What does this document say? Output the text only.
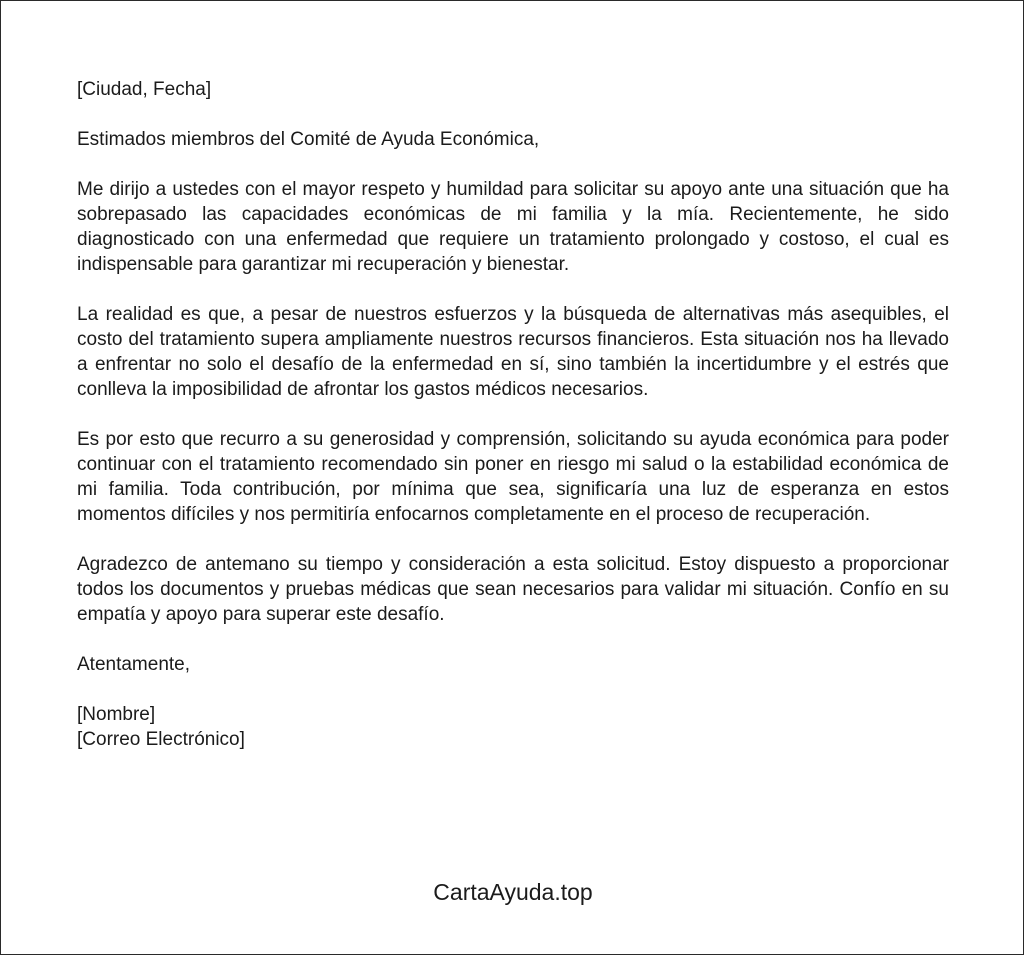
[Ciudad, Fecha]

Estimados miembros del Comité de Ayuda Económica,

Me dirijo a ustedes con el mayor respeto y humildad para solicitar su apoyo ante una situación que ha sobrepasado las capacidades económicas de mi familia y la mía. Recientemente, he sido diagnosticado con una enfermedad que requiere un tratamiento prolongado y costoso, el cual es indispensable para garantizar mi recuperación y bienestar.

La realidad es que, a pesar de nuestros esfuerzos y la búsqueda de alternativas más asequibles, el costo del tratamiento supera ampliamente nuestros recursos financieros. Esta situación nos ha llevado a enfrentar no solo el desafío de la enfermedad en sí, sino también la incertidumbre y el estrés que conlleva la imposibilidad de afrontar los gastos médicos necesarios.

Es por esto que recurro a su generosidad y comprensión, solicitando su ayuda económica para poder continuar con el tratamiento recomendado sin poner en riesgo mi salud o la estabilidad económica de mi familia. Toda contribución, por mínima que sea, significaría una luz de esperanza en estos momentos difíciles y nos permitiría enfocarnos completamente en el proceso de recuperación.

Agradezco de antemano su tiempo y consideración a esta solicitud. Estoy dispuesto a proporcionar todos los documentos y pruebas médicas que sean necesarios para validar mi situación. Confío en su empatía y apoyo para superar este desafío.

Atentamente,

[Nombre]

[Correo Electrónico]

CartaAyuda.top
